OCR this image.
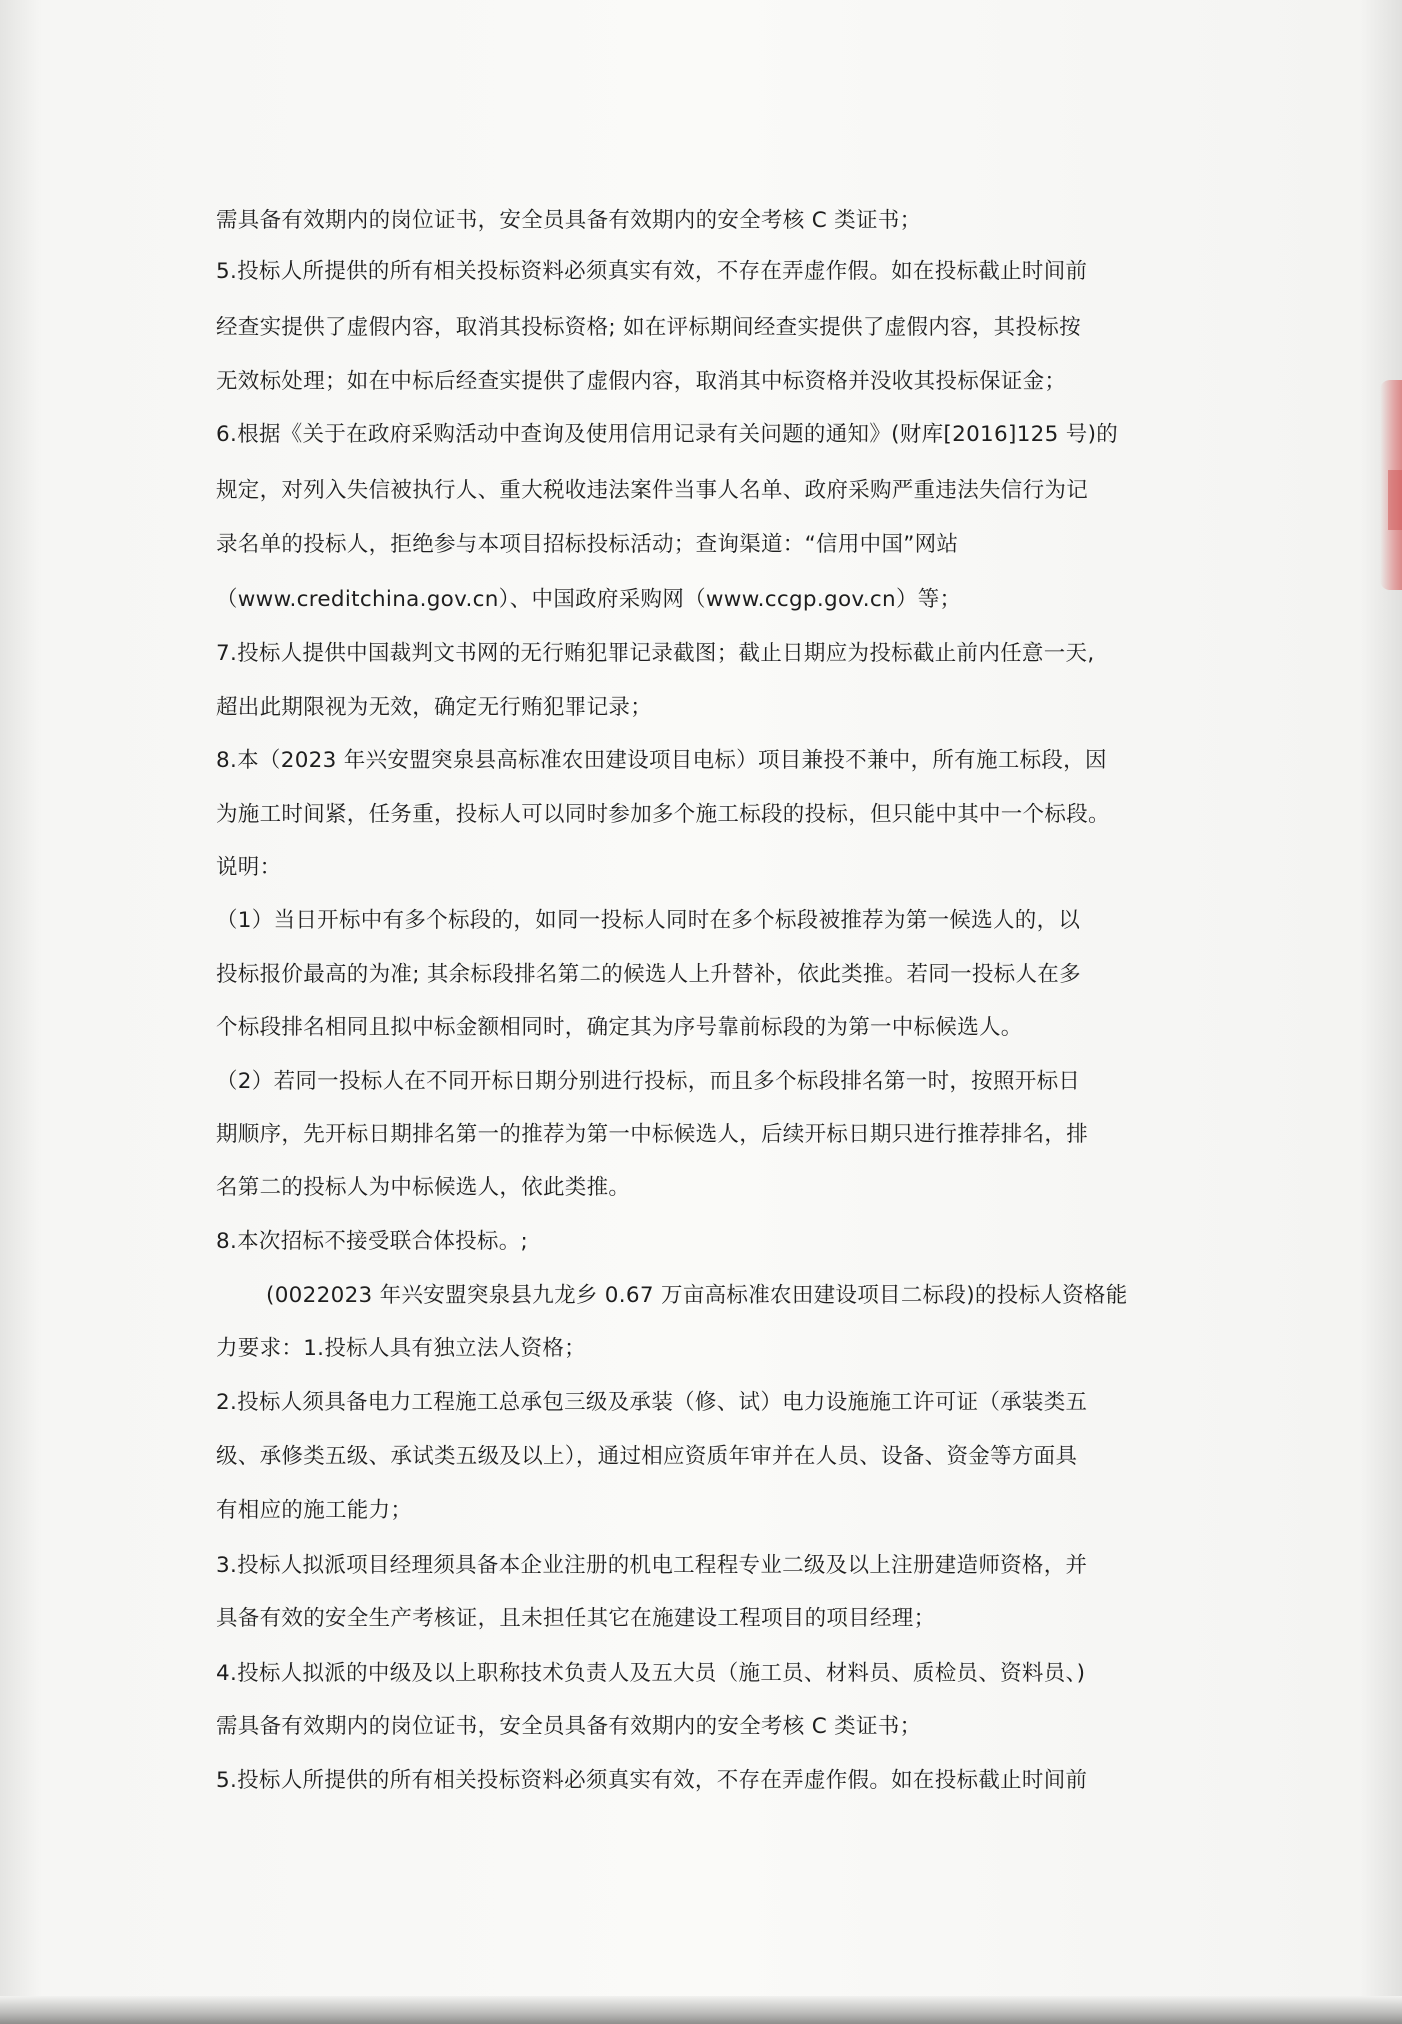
需具备有效期内的岗位证书，安全员具备有效期内的安全考核 C 类证书；
5.投标人所提供的所有相关投标资料必须真实有效，不存在弄虚作假。如在投标截止时间前
经查实提供了虚假内容，取消其投标资格; 如在评标期间经查实提供了虚假内容，其投标按
无效标处理；如在中标后经查实提供了虚假内容，取消其中标资格并没收其投标保证金；
6.根据《关于在政府采购活动中查询及使用信用记录有关问题的通知》(财库[2016]125 号)的
规定，对列入失信被执行人、重大税收违法案件当事人名单、政府采购严重违法失信行为记
录名单的投标人，拒绝参与本项目招标投标活动；查询渠道：“信用中国”网站
（www.creditchina.gov.cn）、中国政府采购网（www.ccgp.gov.cn）等；
7.投标人提供中国裁判文书网的无行贿犯罪记录截图；截止日期应为投标截止前内任意一天,
超出此期限视为无效，确定无行贿犯罪记录；
8.本（2023 年兴安盟突泉县高标准农田建设项目电标）项目兼投不兼中，所有施工标段，因
为施工时间紧，任务重，投标人可以同时参加多个施工标段的投标，但只能中其中一个标段。
说明：
（1）当日开标中有多个标段的，如同一投标人同时在多个标段被推荐为第一候选人的，以
投标报价最高的为准; 其余标段排名第二的候选人上升替补，依此类推。若同一投标人在多
个标段排名相同且拟中标金额相同时，确定其为序号靠前标段的为第一中标候选人。
（2）若同一投标人在不同开标日期分别进行投标，而且多个标段排名第一时，按照开标日
期顺序，先开标日期排名第一的推荐为第一中标候选人，后续开标日期只进行推荐排名，排
名第二的投标人为中标候选人，依此类推。
8.本次招标不接受联合体投标。;
(0022023 年兴安盟突泉县九龙乡 0.67 万亩高标准农田建设项目二标段)的投标人资格能
力要求：1.投标人具有独立法人资格；
2.投标人须具备电力工程施工总承包三级及承装（修、试）电力设施施工许可证（承装类五
级、承修类五级、承试类五级及以上），通过相应资质年审并在人员、设备、资金等方面具
有相应的施工能力；
3.投标人拟派项目经理须具备本企业注册的机电工程程专业二级及以上注册建造师资格，并
具备有效的安全生产考核证，且未担任其它在施建设工程项目的项目经理；
4.投标人拟派的中级及以上职称技术负责人及五大员（施工员、材料员、质检员、资料员、)
需具备有效期内的岗位证书，安全员具备有效期内的安全考核 C 类证书；
5.投标人所提供的所有相关投标资料必须真实有效，不存在弄虚作假。如在投标截止时间前
